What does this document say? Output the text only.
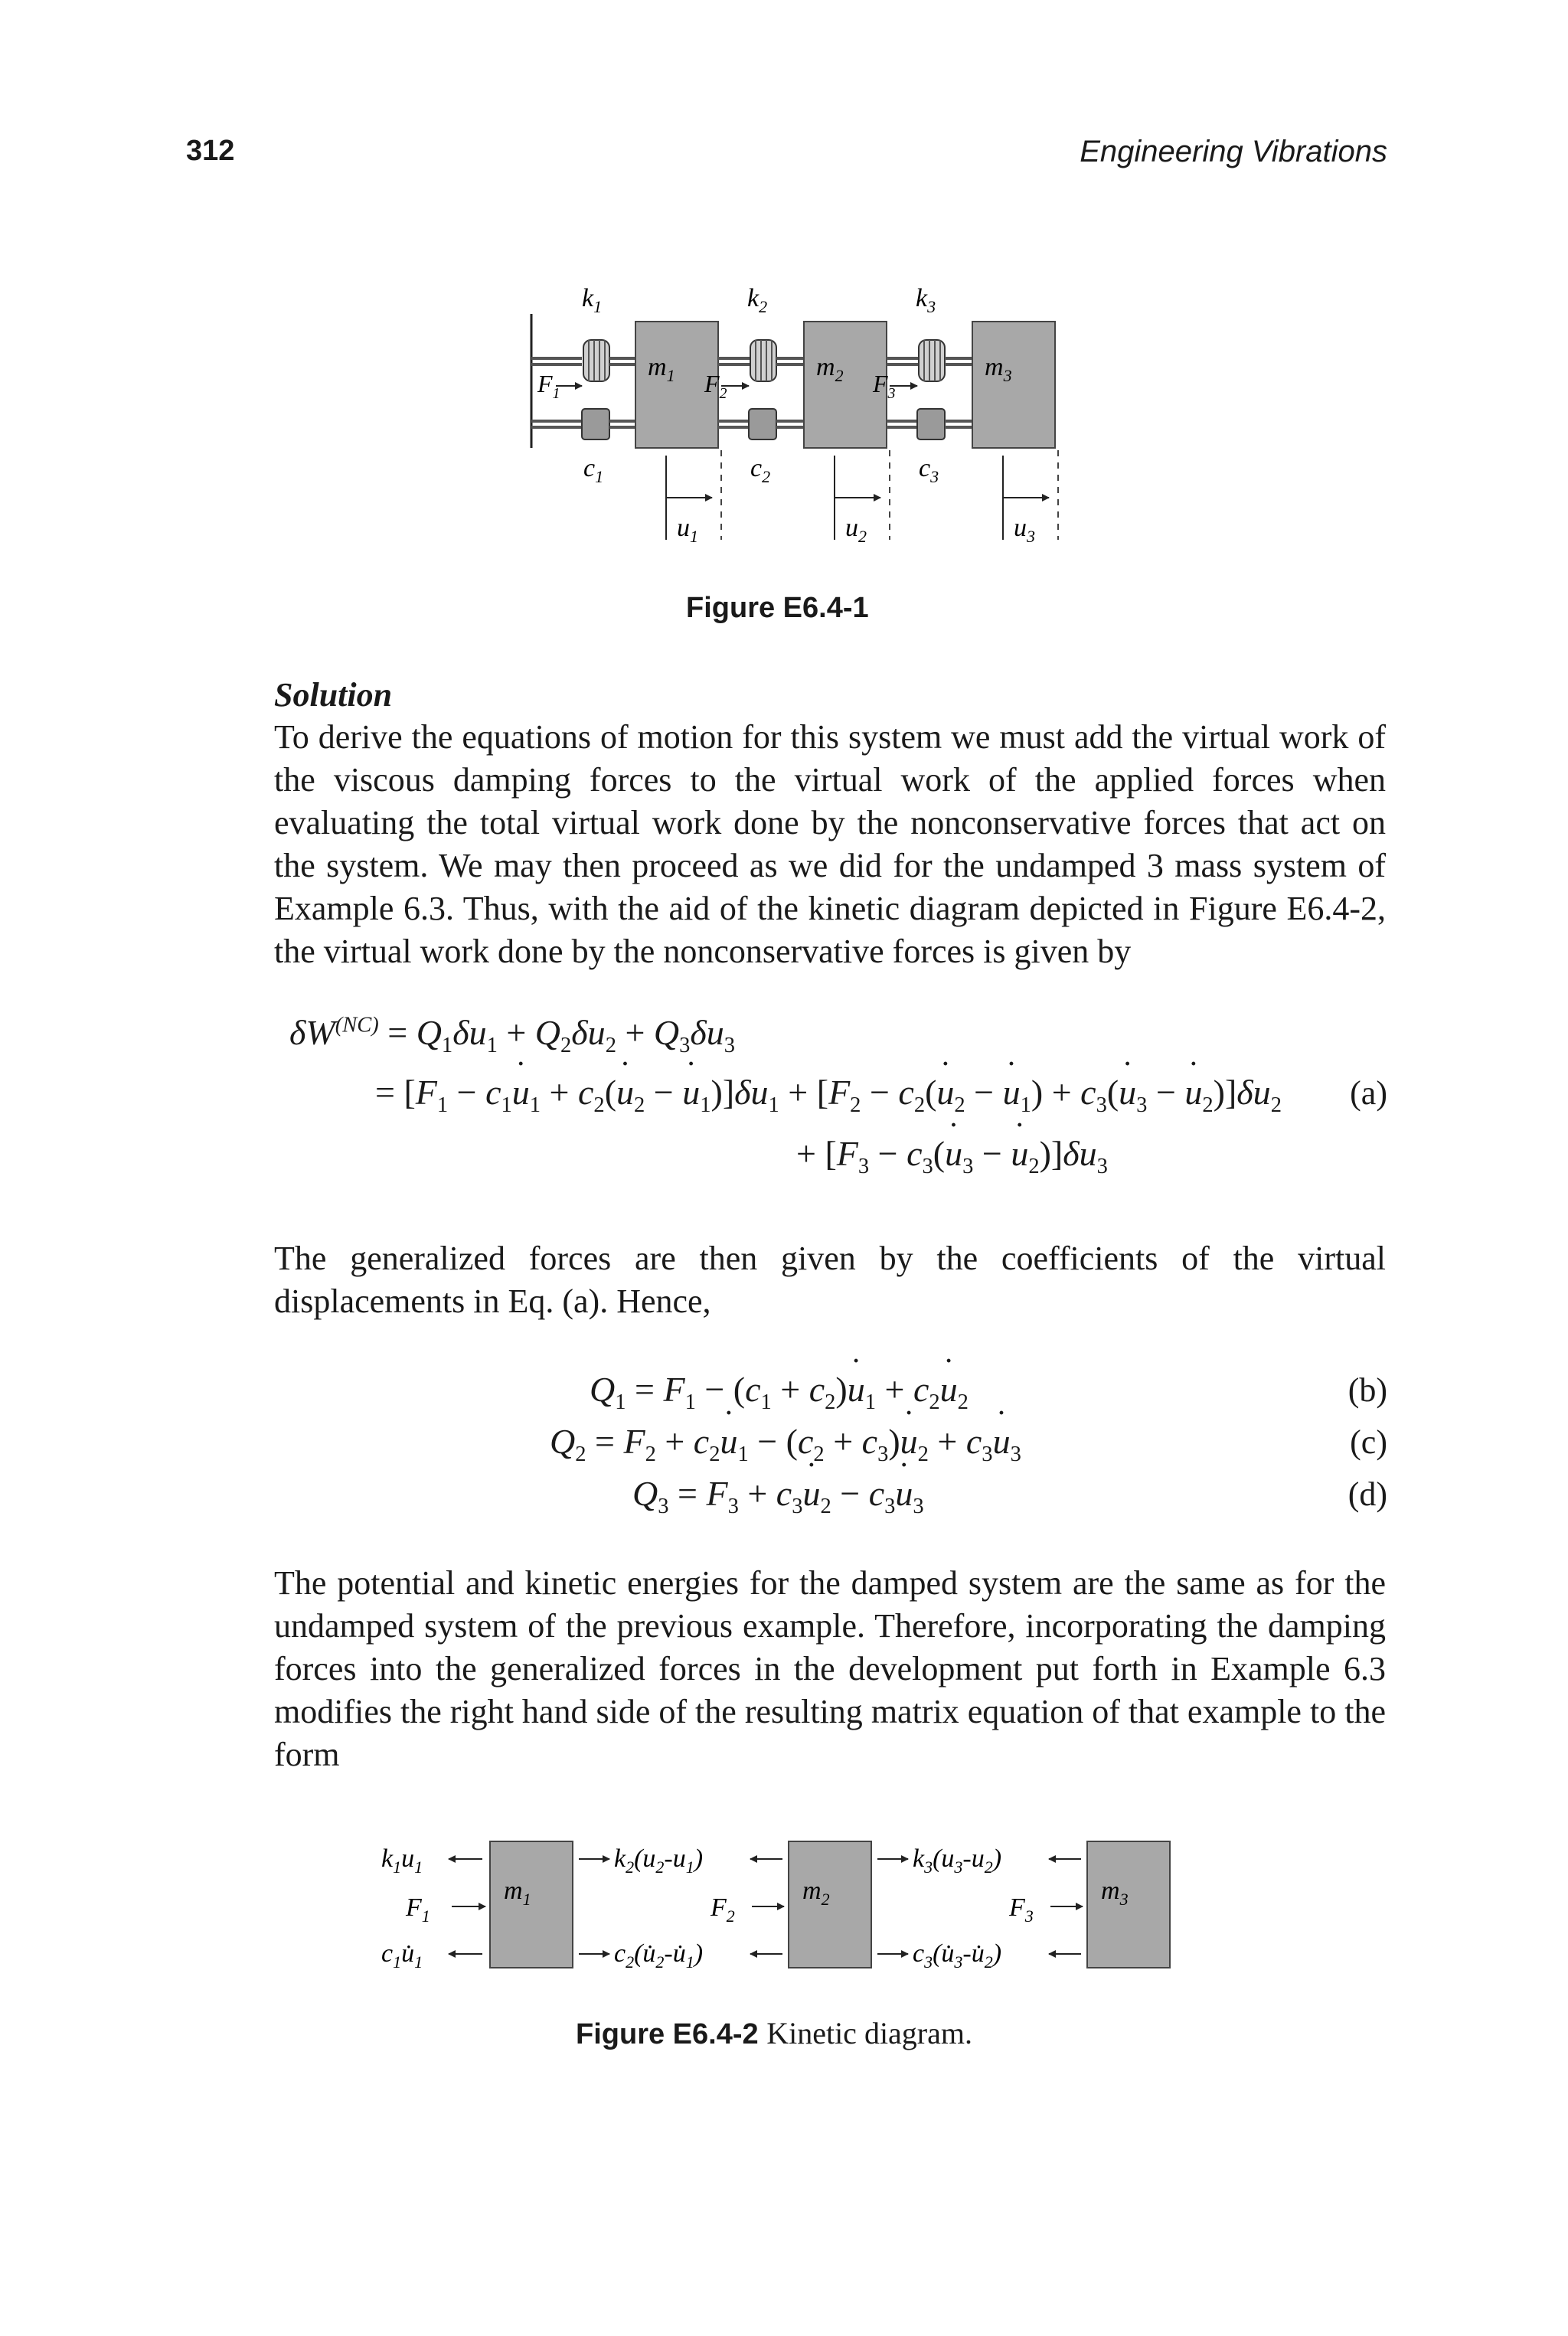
312	Engineering Vibrations
$k_1$	$k_2$	$k_3$
$m_1$	$m_2$	$m_3$
$F_1$	$F_2$	$F_3$
$c_1$	$c_2$	$c_3$
$u_1$	$u_2$	$u_3$
Figure E6.4-1
Solution

To derive the equations of motion for this system we must add the virtual work of the viscous damping forces to the virtual work of the applied forces when evaluating the total virtual work done by the nonconservative forces that act on the system. We may then proceed as we did for the undamped 3 mass system of Example 6.3. Thus, with the aid of the kinetic diagram depicted in Figure E6.4-2, the virtual work done by the nonconservative forces is given by

$\delta W^{(NC)} = Q_1\delta u_1 + Q_2\delta u_2 + Q_3\delta u_3$
= [$F_1$ − $c_1˙$ $u_1$ + $c_2(˙$ $u_2$ − ˙ $u_1)]\delta u_1 + [F_2$ − $c_2(˙$ $u_2$ − ˙ $u_1$) + $c_3(˙$ $u_3$ − ˙ $u_2)]\delta u_2$ (a)
+ [$F_3$ − $c_3(˙$ $u_3$ − ˙ $u_2)]\delta u_3$

The generalized forces are then given by the coefficients of the virtual displacements in Eq. (a). Hence,

$Q_1 = F_1 - (c_1$ + $c_2)˙$ $u_1$ + $c_2˙$ $u_2$	(b)
$Q_2 = F_2$ + $c_2˙$ $u_1 - (c_2$ + $c_3)˙$ $u_2$ + $c_3˙$ $u_3$	(c)
$Q_3 = F_3$ + $c_3˙$ $u_2$ − $c_3˙$ $u_3$	(d)

The potential and kinetic energies for the damped system are the same as for the undamped system of the previous example. Therefore, incorporating the damping forces into the generalized forces in the development put forth in Example 6.3 modifies the right hand side of the resulting matrix equation of that example to the form

$m_1$	$m_2$	$m_3$
$k_1u_1$
$F_1$
$c_1u̇_1$
$k_2(u_2-u_1)$
$F_2$
$c_2(u̇_2-u̇_1)$
$k_3(u_3-u_2)$
$F_3$
$c_3(u̇_3-u̇_2)$
Figure E6.4-2 Kinetic diagram.
